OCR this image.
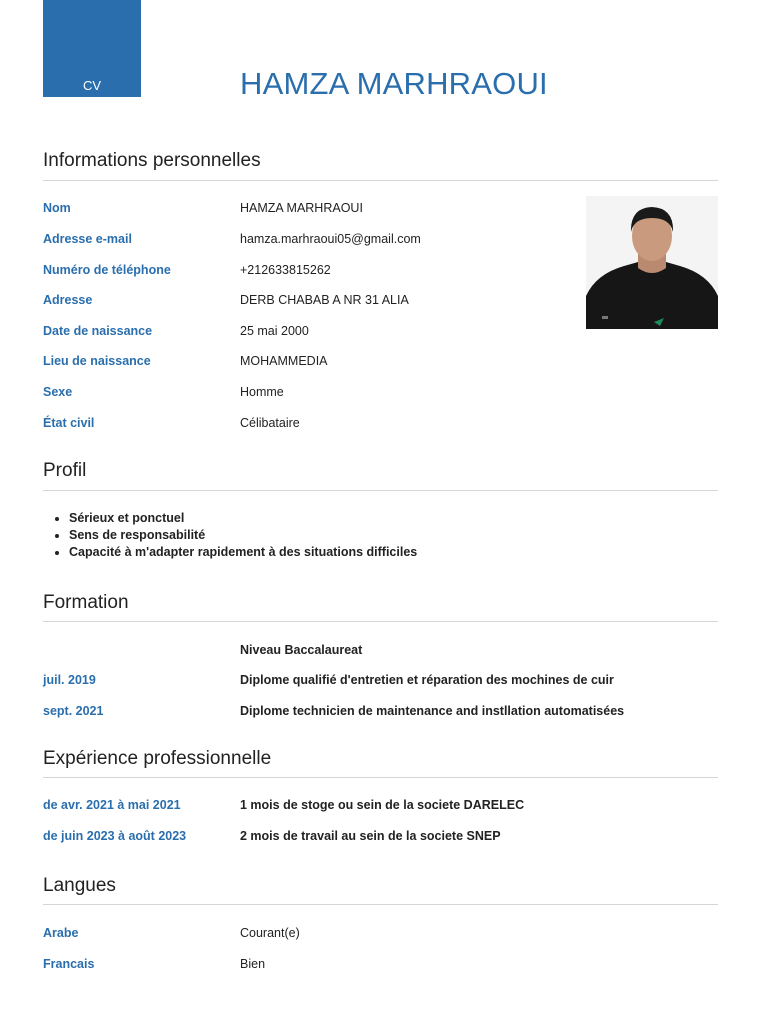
CV	HAMZA MARHRAOUI
Informations personnelles
Nom	HAMZA MARHRAOUI
Adresse e-mail	hamza.marhraoui05@gmail.com
Numéro de téléphone	+212633815262
Adresse	DERB CHABAB A NR 31 ALIA
Date de naissance	25 mai 2000
Lieu de naissance	MOHAMMEDIA
Sexe	Homme
État civil	Célibataire
Profil
• Sérieux et ponctuel
• Sens de responsabilité
• Capacité à m'adapter rapidement à des situations difficiles
Formation
Niveau Baccalaureat
juil. 2019	Diplome qualifié d'entretien et réparation des mochines de cuir
sept. 2021	Diplome technicien de maintenance and instllation automatisées
Expérience professionnelle
de avr. 2021 à mai 2021	1 mois de stoge ou sein de la societe DARELEC
de juin 2023 à août 2023	2 mois de travail au sein de la societe SNEP
Langues
Arabe	Courant(e)
Francais	Bien
